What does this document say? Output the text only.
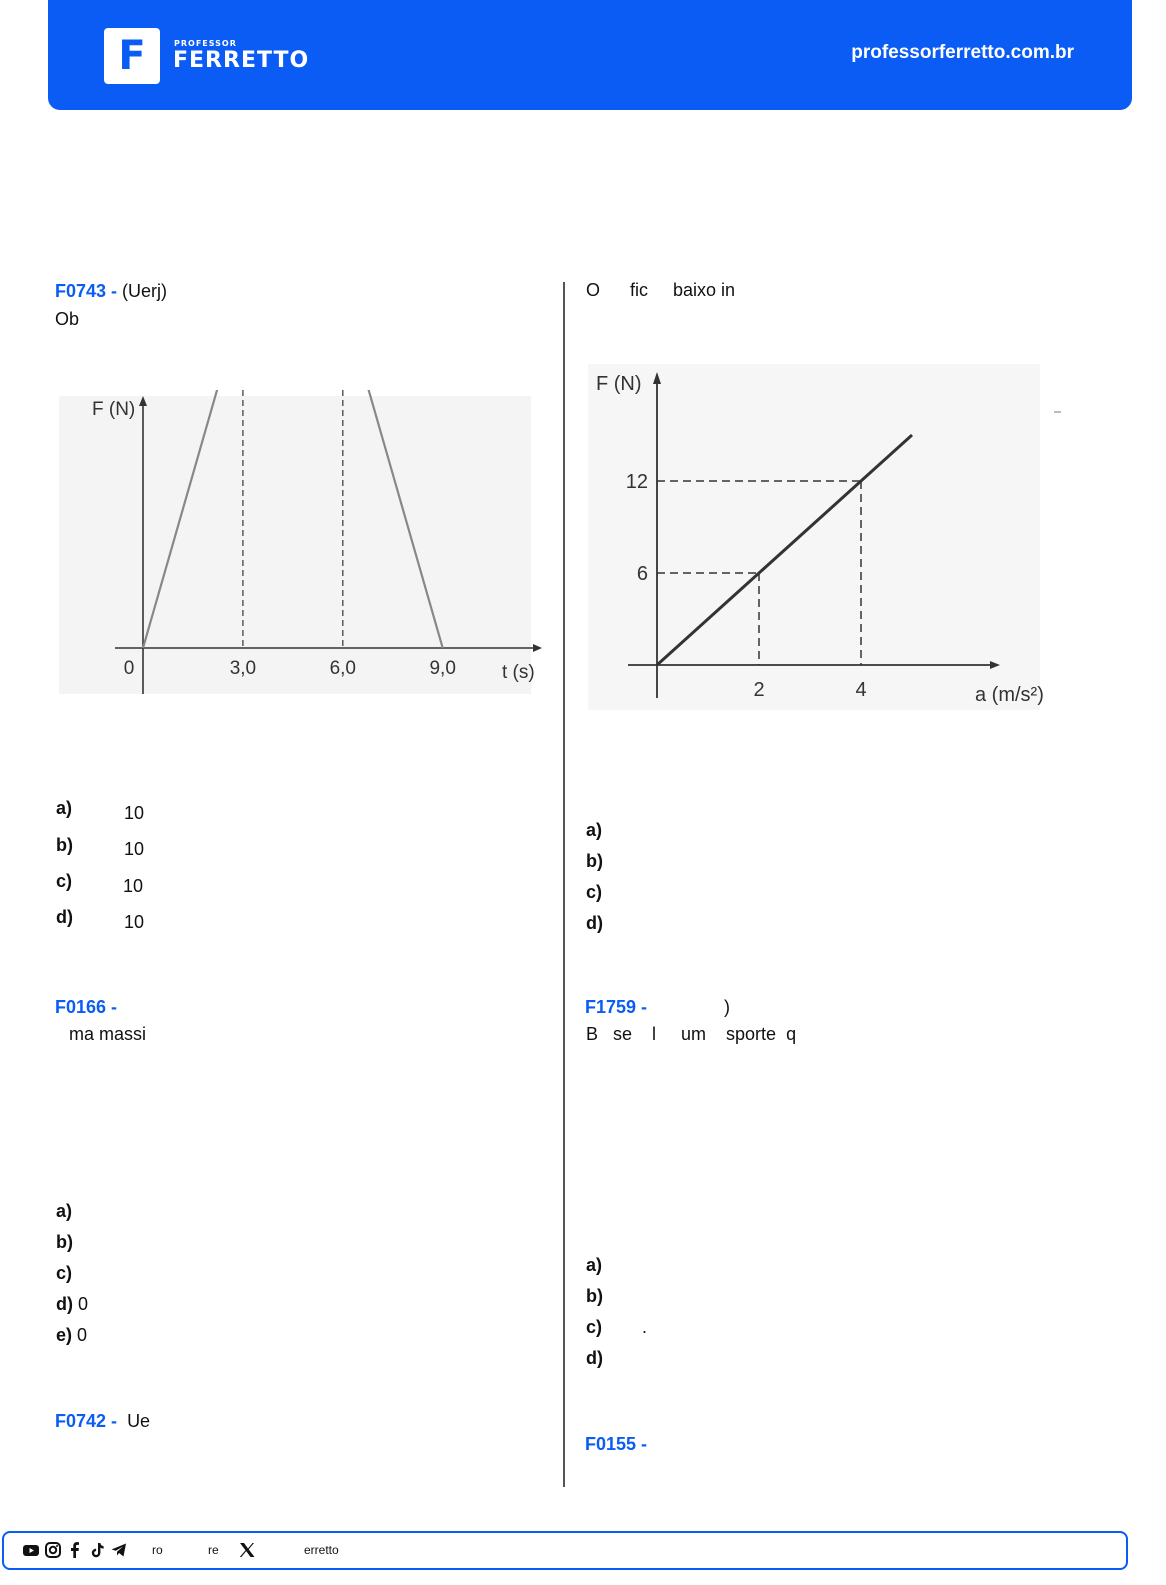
F	PROFESSOR
FERRETTO	professorferretto.com.br
F0743 - (Uerj)
Ob
0	3,0	6,0	9,0
F (N)
t (s)
a)	10
b)	10
c)	10
d)	10
F0166 -
ma massi
a)
b)
c)
d) 0
e) 0
F0742 -  Ue
O      fic     baixo in
2	4
6
12
F (N)
a (m/s²)
a)
b)
c)
d)
F1759 -	)
B   se    l     um    sporte  q
a)
b)
c) .
d)
F0155 -
ro	re	erretto
